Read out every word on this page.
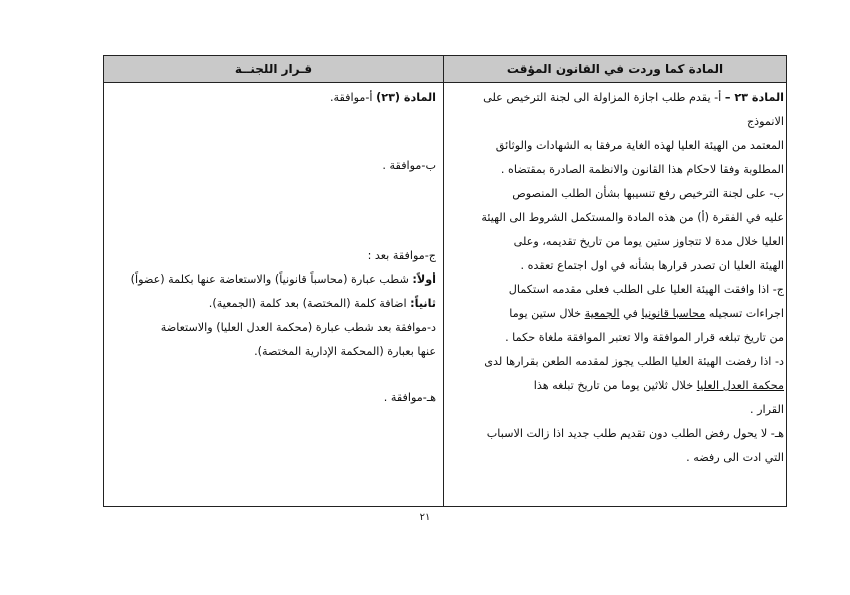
المادة كما وردت في القانون المؤقت
قـرار اللجنــة

المادة ٢٣ – أ- يقدم طلب اجازة المزاولة الى لجنة الترخيص على الانموذج

المعتمد من الهيئة العليا لهذه الغاية مرفقا به الشهادات والوثائق

المطلوبة وفقا لاحكام هذا القانون والانظمة الصادرة بمقتضاه .

ب- على لجنة الترخيص رفع تنسيبها بشأن الطلب المنصوص

عليه في الفقرة (أ) من هذه المادة والمستكمل الشروط الى الهيئة

العليا خلال مدة لا تتجاوز ستين يوما من تاريخ تقديمه، وعلى

الهيئة العليا ان تصدر قرارها بشأنه في اول اجتماع تعقده .

ج- اذا وافقت الهيئة العليا على الطلب فعلى مقدمه استكمال

اجراءات تسجيله محاسبا قانونيا في الجمعية خلال ستين يوما

من تاريخ تبلغه قرار الموافقة والا تعتبر الموافقة ملغاة حكما .

د- اذا رفضت الهيئة العليا الطلب يجوز لمقدمه الطعن بقرارها لدى

محكمة العدل العليا خلال ثلاثين يوما من تاريخ تبلغه هذا

القرار .

هـ- لا يحول رفض الطلب دون تقديم طلب جديد اذا زالت الاسباب

التي ادت الى رفضه .

المادة (٢٣) أ-موافقة.

ب-موافقة .

ج-موافقة بعد :

أولاً: شطب عبارة (محاسباً قانونياً) والاستعاضة عنها بكلمة (عضواً)

ثانياً: اضافة كلمة (المختصة) بعد كلمة (الجمعية).

د-موافقة بعد شطب عبارة (محكمة العدل العليا) والاستعاضة

عنها بعبارة (المحكمة الإدارية المختصة).

هـ-موافقة .

٢١
